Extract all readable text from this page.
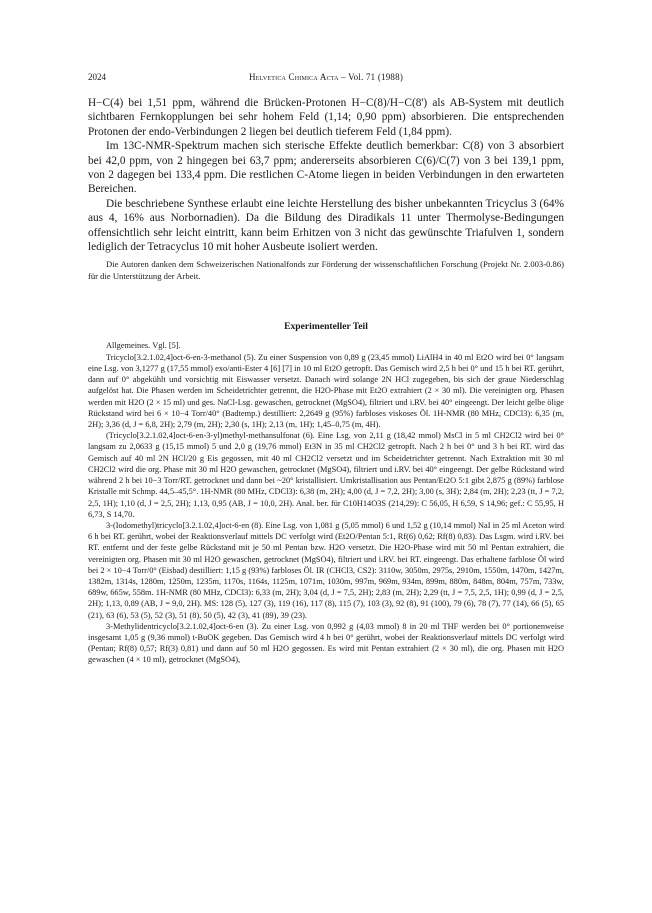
2024	Helvetica Chimica Acta – Vol. 71 (1988)

H−C(4) bei 1,51 ppm, während die Brücken-Protonen H−C(8)/H−C(8') als AB-System mit deutlich sichtbaren Fernkopplungen bei sehr hohem Feld (1,14; 0,90 ppm) absorbieren. Die entsprechenden Protonen der endo-Verbindungen 2 liegen bei deutlich tieferem Feld (1,84 ppm).

Im 13C-NMR-Spektrum machen sich sterische Effekte deutlich bemerkbar: C(8) von 3 absorbiert bei 42,0 ppm, von 2 hingegen bei 63,7 ppm; andererseits absorbieren C(6)/C(7) von 3 bei 139,1 ppm, von 2 dagegen bei 133,4 ppm. Die restlichen C-Atome liegen in beiden Verbindungen in den erwarteten Bereichen.

Die beschriebene Synthese erlaubt eine leichte Herstellung des bisher unbekannten Tricyclus 3 (64% aus 4, 16% aus Norbornadien). Da die Bildung des Diradikals 11 unter Thermolyse-Bedingungen offensichtlich sehr leicht eintritt, kann beim Erhitzen von 3 nicht das gewünschte Triafulven 1, sondern lediglich der Tetracyclus 10 mit hoher Ausbeute isoliert werden.

Die Autoren danken dem Schweizerischen Nationalfonds zur Förderung der wissenschaftlichen Forschung (Projekt Nr. 2.003-0.86) für die Unterstützung der Arbeit.

Experimenteller Teil

Allgemeines. Vgl. [5].

Tricyclo[3.2.1.02,4]oct-6-en-3-methanol (5). Zu einer Suspension von 0,89 g (23,45 mmol) LiAlH4 in 40 ml Et2O wird bei 0° langsam eine Lsg. von 3,1277 g (17,55 mmol) exo/anti-Ester 4 [6] [7] in 10 ml Et2O getropft. Das Gemisch wird 2,5 h bei 0° und 15 h bei RT. gerührt, dann auf 0° abgekühlt und vorsichtig mit Eiswasser versetzt. Danach wird solange 2N HCl zugegeben, bis sich der graue Niederschlag aufgelöst hat. Die Phasen werden im Scheidetrichter getrennt, die H2O-Phase mit Et2O extrahiert (2 × 30 ml). Die vereinigten org. Phasen werden mit H2O (2 × 15 ml) und ges. NaCl-Lsg. gewaschen, getrocknet (MgSO4), filtriert und i.RV. bei 40° eingeengt. Der leicht gelbe ölige Rückstand wird bei 6 × 10−4 Torr/40° (Badtemp.) destilliert: 2,2649 g (95%) farbloses viskoses Öl. 1H-NMR (80 MHz, CDCl3): 6,35 (m, 2H); 3,36 (d, J = 6,8, 2H); 2,79 (m, 2H); 2,30 (s, 1H); 2,13 (m, 1H); 1,45–0,75 (m, 4H).

(Tricyclo[3.2.1.02,4]oct-6-en-3-yl)methyl-methansulfonat (6). Eine Lsg. von 2,11 g (18,42 mmol) MsCl in 5 ml CH2Cl2 wird bei 0° langsam zu 2,0633 g (15,15 mmol) 5 und 2,0 g (19,76 mmol) Et3N in 35 ml CH2Cl2 getropft. Nach 2 h bei 0° und 3 h bei RT. wird das Gemisch auf 40 ml 2N HCl/20 g Eis gegossen, mit 40 ml CH2Cl2 versetzt und im Scheidetrichter getrennt. Nach Extraktion mit 30 ml CH2Cl2 wird die org. Phase mit 30 ml H2O gewaschen, getrocknet (MgSO4), filtriert und i.RV. bei 40° eingeengt. Der gelbe Rückstand wird während 2 h bei 10−3 Torr/RT. getrocknet und dann bei ~20° kristallisiert. Umkristallisation aus Pentan/Et2O 5:1 gibt 2,875 g (89%) farblose Kristalle mit Schmp. 44,5–45,5°. 1H-NMR (80 MHz, CDCl3): 6,38 (m, 2H); 4,00 (d, J = 7,2, 2H); 3,00 (s, 3H); 2,84 (m, 2H); 2,23 (tt, J = 7,2, 2,5, 1H); 1,10 (d, J = 2,5, 2H); 1,13, 0,95 (AB, J = 10,0, 2H). Anal. ber. für C10H14O3S (214,29): C 56,05, H 6,59, S 14,96; gef.: C 55,95, H 6,73, S 14,70.

3-(Iodomethyl)tricyclo[3.2.1.02,4]oct-6-en (8). Eine Lsg. von 1,081 g (5,05 mmol) 6 und 1,52 g (10,14 mmol) NaI in 25 ml Aceton wird 6 h bei RT. gerührt, wobei der Reaktionsverlauf mittels DC verfolgt wird (Et2O/Pentan 5:1, Rf(6) 0,62; Rf(8) 0,83). Das Lsgm. wird i.RV. bei RT. entfernt und der feste gelbe Rückstand mit je 50 ml Pentan bzw. H2O versetzt. Die H2O-Phase wird mit 50 ml Pentan extrahiert, die vereinigten org. Phasen mit 30 ml H2O gewaschen, getrocknet (MgSO4), filtriert und i.RV. bei RT. eingeengt. Das erhaltene farblose Öl wird bei 2 × 10−4 Torr/0° (Eisbad) destilliert: 1,15 g (93%) farbloses Öl. IR (CHCl3, CS2): 3110w, 3050m, 2975s, 2910m, 1550m, 1470m, 1427m, 1382m, 1314s, 1280m, 1250m, 1235m, 1170s, 1164s, 1125m, 1071m, 1030m, 997m, 969m, 934m, 899m, 880m, 848m, 804m, 757m, 733w, 689w, 665w, 558m. 1H-NMR (80 MHz, CDCl3): 6,33 (m, 2H); 3,04 (d, J = 7,5, 2H); 2,83 (m, 2H); 2,29 (tt, J = 7,5, 2,5, 1H); 0,99 (d, J = 2,5, 2H); 1,13, 0,89 (AB, J = 9,0, 2H). MS: 128 (5), 127 (3), 119 (16), 117 (8), 115 (7), 103 (3), 92 (8), 91 (100), 79 (6), 78 (7), 77 (14), 66 (5), 65 (21), 63 (6), 53 (5), 52 (3), 51 (8), 50 (5), 42 (3), 41 (89), 39 (23).

3-Methylidentricyclo[3.2.1.02,4]oct-6-en (3). Zu einer Lsg. von 0,992 g (4,03 mmol) 8 in 20 ml THF werden bei 0° portionenweise insgesamt 1,05 g (9,36 mmol) t-BuOK gegeben. Das Gemisch wird 4 h bei 0° gerührt, wobei der Reaktionsverlauf mittels DC verfolgt wird (Pentan; Rf(8) 0,57; Rf(3) 0,81) und dann auf 50 ml H2O gegossen. Es wird mit Pentan extrahiert (2 × 30 ml), die org. Phasen mit H2O gewaschen (4 × 10 ml), getrocknet (MgSO4),
